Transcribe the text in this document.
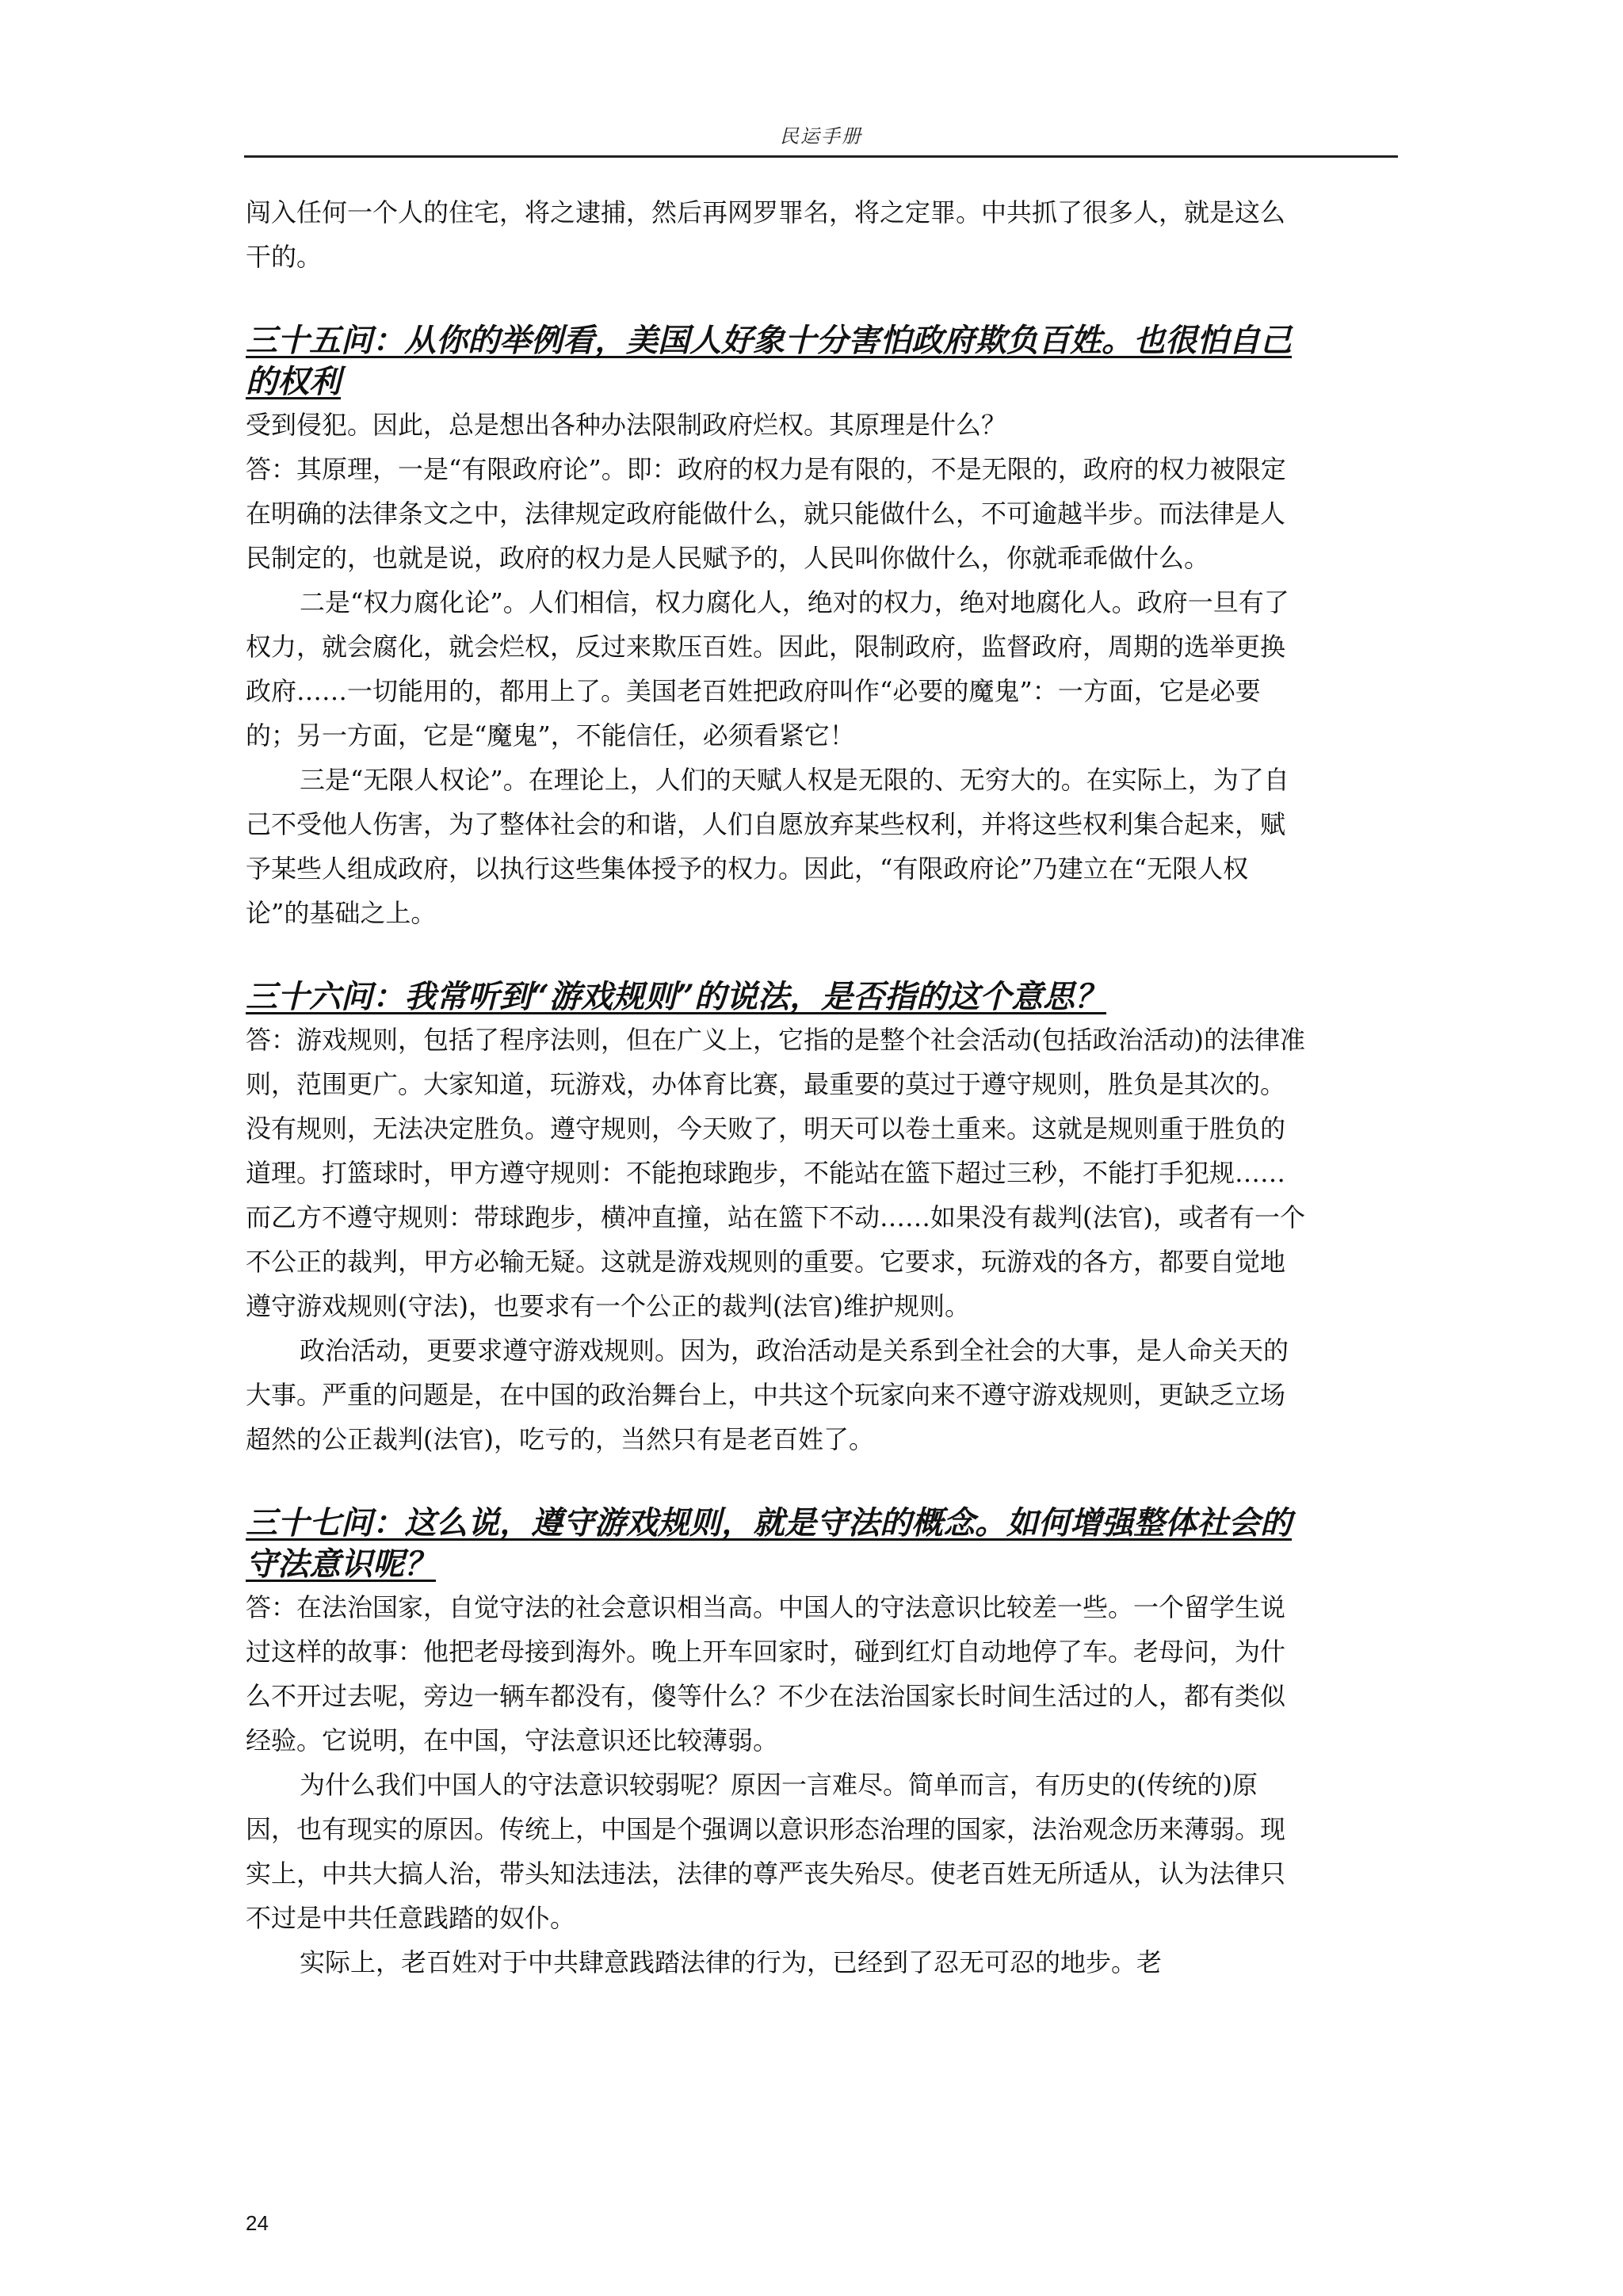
民运手册

闯入任何一个人的住宅，将之逮捕，然后再网罗罪名，将之定罪。中共抓了很多人，就是这么干的。

三十五问：从你的举例看，美国人好象十分害怕政府欺负百姓。也很怕自己的权利

受到侵犯。因此，总是想出各种办法限制政府烂权。其原理是什么？

答：其原理，一是“有限政府论”。即：政府的权力是有限的，不是无限的，政府的权力被限定在明确的法律条文之中，法律规定政府能做什么，就只能做什么，不可逾越半步。而法律是人民制定的，也就是说，政府的权力是人民赋予的，人民叫你做什么，你就乖乖做什么。

二是“权力腐化论”。人们相信，权力腐化人，绝对的权力，绝对地腐化人。政府一旦有了权力，就会腐化，就会烂权，反过来欺压百姓。因此，限制政府，监督政府，周期的选举更换政府……一切能用的，都用上了。美国老百姓把政府叫作“必要的魔鬼”：一方面，它是必要的；另一方面，它是“魔鬼”，不能信任，必须看紧它！

三是“无限人权论”。在理论上，人们的天赋人权是无限的、无穷大的。在实际上，为了自己不受他人伤害，为了整体社会的和谐，人们自愿放弃某些权利，并将这些权利集合起来，赋予某些人组成政府，以执行这些集体授予的权力。因此，“有限政府论”乃建立在“无限人权论”的基础之上。

三十六问：我常听到“游戏规则”的说法，是否指的这个意思？

答：游戏规则，包括了程序法则，但在广义上，它指的是整个社会活动(包括政治活动)的法律准则，范围更广。大家知道，玩游戏，办体育比赛，最重要的莫过于遵守规则，胜负是其次的。没有规则，无法决定胜负。遵守规则，今天败了，明天可以卷土重来。这就是规则重于胜负的道理。打篮球时，甲方遵守规则：不能抱球跑步，不能站在篮下超过三秒，不能打手犯规……而乙方不遵守规则：带球跑步，横冲直撞，站在篮下不动……如果没有裁判(法官)，或者有一个不公正的裁判，甲方必输无疑。这就是游戏规则的重要。它要求，玩游戏的各方，都要自觉地遵守游戏规则(守法)，也要求有一个公正的裁判(法官)维护规则。

政治活动，更要求遵守游戏规则。因为，政治活动是关系到全社会的大事，是人命关天的大事。严重的问题是，在中国的政治舞台上，中共这个玩家向来不遵守游戏规则，更缺乏立场超然的公正裁判(法官)，吃亏的，当然只有是老百姓了。

三十七问：这么说，遵守游戏规则，就是守法的概念。如何增强整体社会的守法意识呢？

答：在法治国家，自觉守法的社会意识相当高。中国人的守法意识比较差一些。一个留学生说过这样的故事：他把老母接到海外。晚上开车回家时，碰到红灯自动地停了车。老母问，为什么不开过去呢，旁边一辆车都没有，傻等什么？不少在法治国家长时间生活过的人，都有类似经验。它说明，在中国，守法意识还比较薄弱。

为什么我们中国人的守法意识较弱呢？原因一言难尽。简单而言，有历史的(传统的)原因，也有现实的原因。传统上，中国是个强调以意识形态治理的国家，法治观念历来薄弱。现实上，中共大搞人治，带头知法违法，法律的尊严丧失殆尽。使老百姓无所适从，认为法律只不过是中共任意践踏的奴仆。

实际上，老百姓对于中共肆意践踏法律的行为，已经到了忍无可忍的地步。老

24
